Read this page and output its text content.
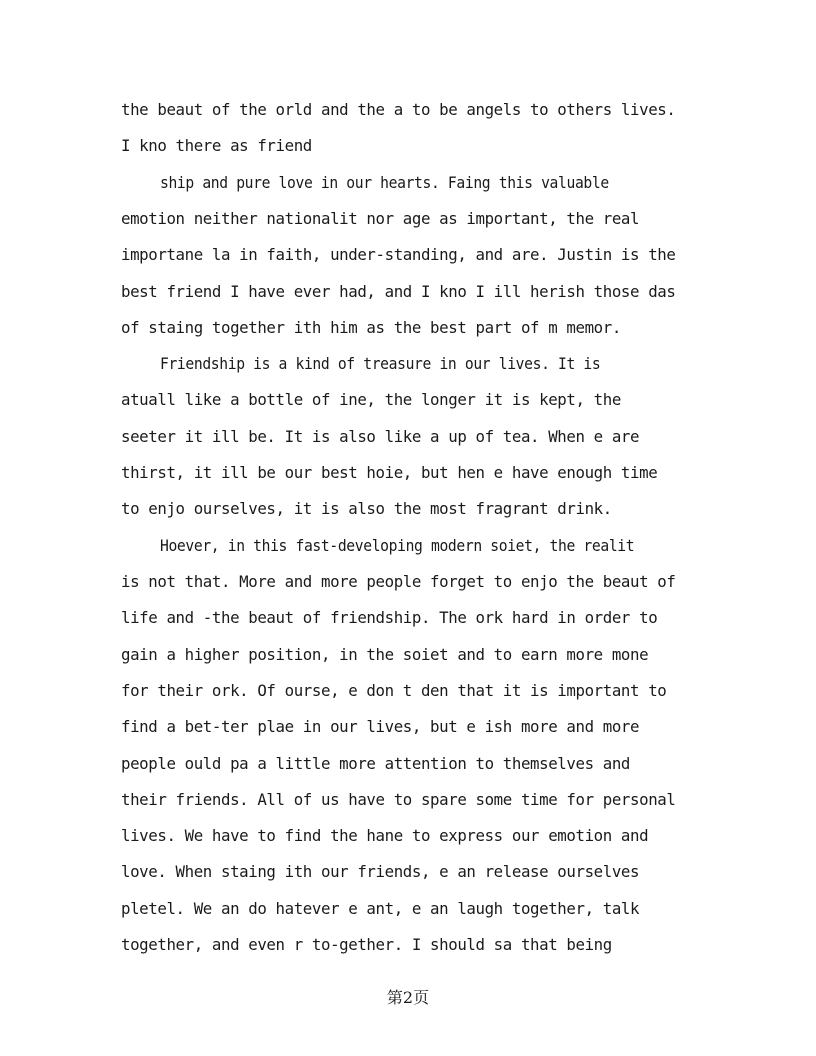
the beaut of the orld and the a to be angels to others lives.
I kno there as friend
ship and pure love in our hearts. Faing this valuable
emotion neither nationalit nor age as important, the real
importane la in faith, under-standing, and are. Justin is the
best friend I have ever had, and I kno I ill herish those das
of staing together ith him as the best part of m memor.
Friendship is a kind of treasure in our lives. It is
atuall like a bottle of ine, the longer it is kept, the
seeter it ill be. It is also like a up of tea. When e are
thirst, it ill be our best hoie, but hen e have enough time
to enjo ourselves, it is also the most fragrant drink.
Hoever, in this fast-developing modern soiet, the realit
is not that. More and more people forget to enjo the beaut of
life and -the beaut of friendship. The ork hard in order to
gain a higher position, in the soiet and to earn more mone
for their ork. Of ourse, e don t den that it is important to
find a bet-ter plae in our lives, but e ish more and more
people ould pa a little more attention to themselves and
their friends. All of us have to spare some time for personal
lives. We have to find the hane to express our emotion and
love. When staing ith our friends, e an release ourselves
pletel. We an do hatever e ant, e an laugh together, talk
together, and even r to-gether. I should sa that being
第2页
